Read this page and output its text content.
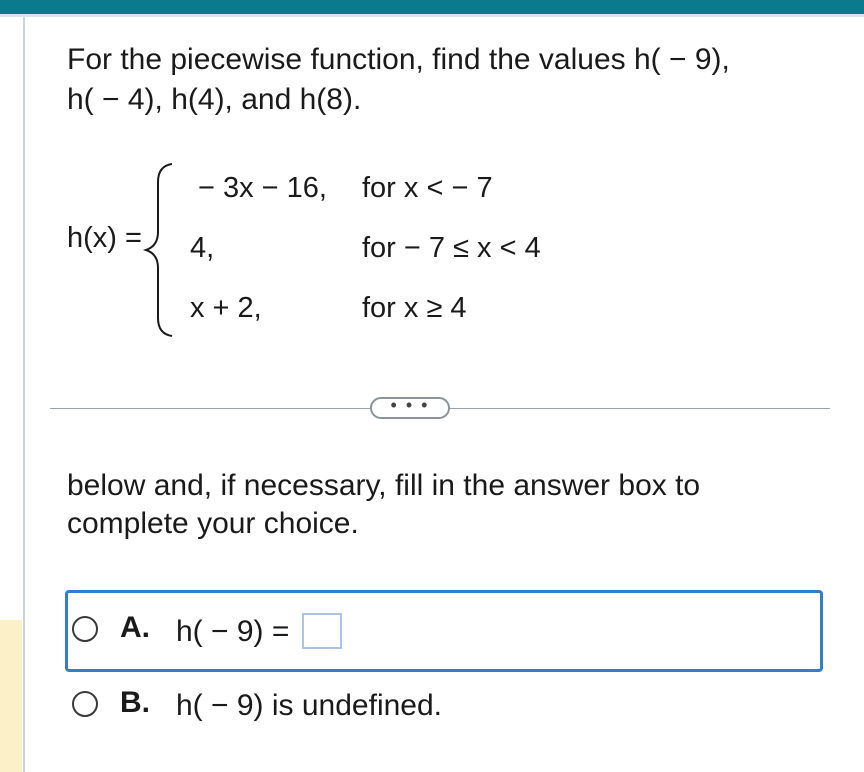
For the piecewise function, find the values h( − 9),
h( − 4), h(4), and h(8).
h(x) =
− 3x − 16, for x < − 7
4,	for − 7 ≤ x < 4
x + 2,	for x ≥ 4
• • •
below and, if necessary, fill in the answer box to
complete your choice.
A. h( − 9) =
B. h( − 9) is undefined.
